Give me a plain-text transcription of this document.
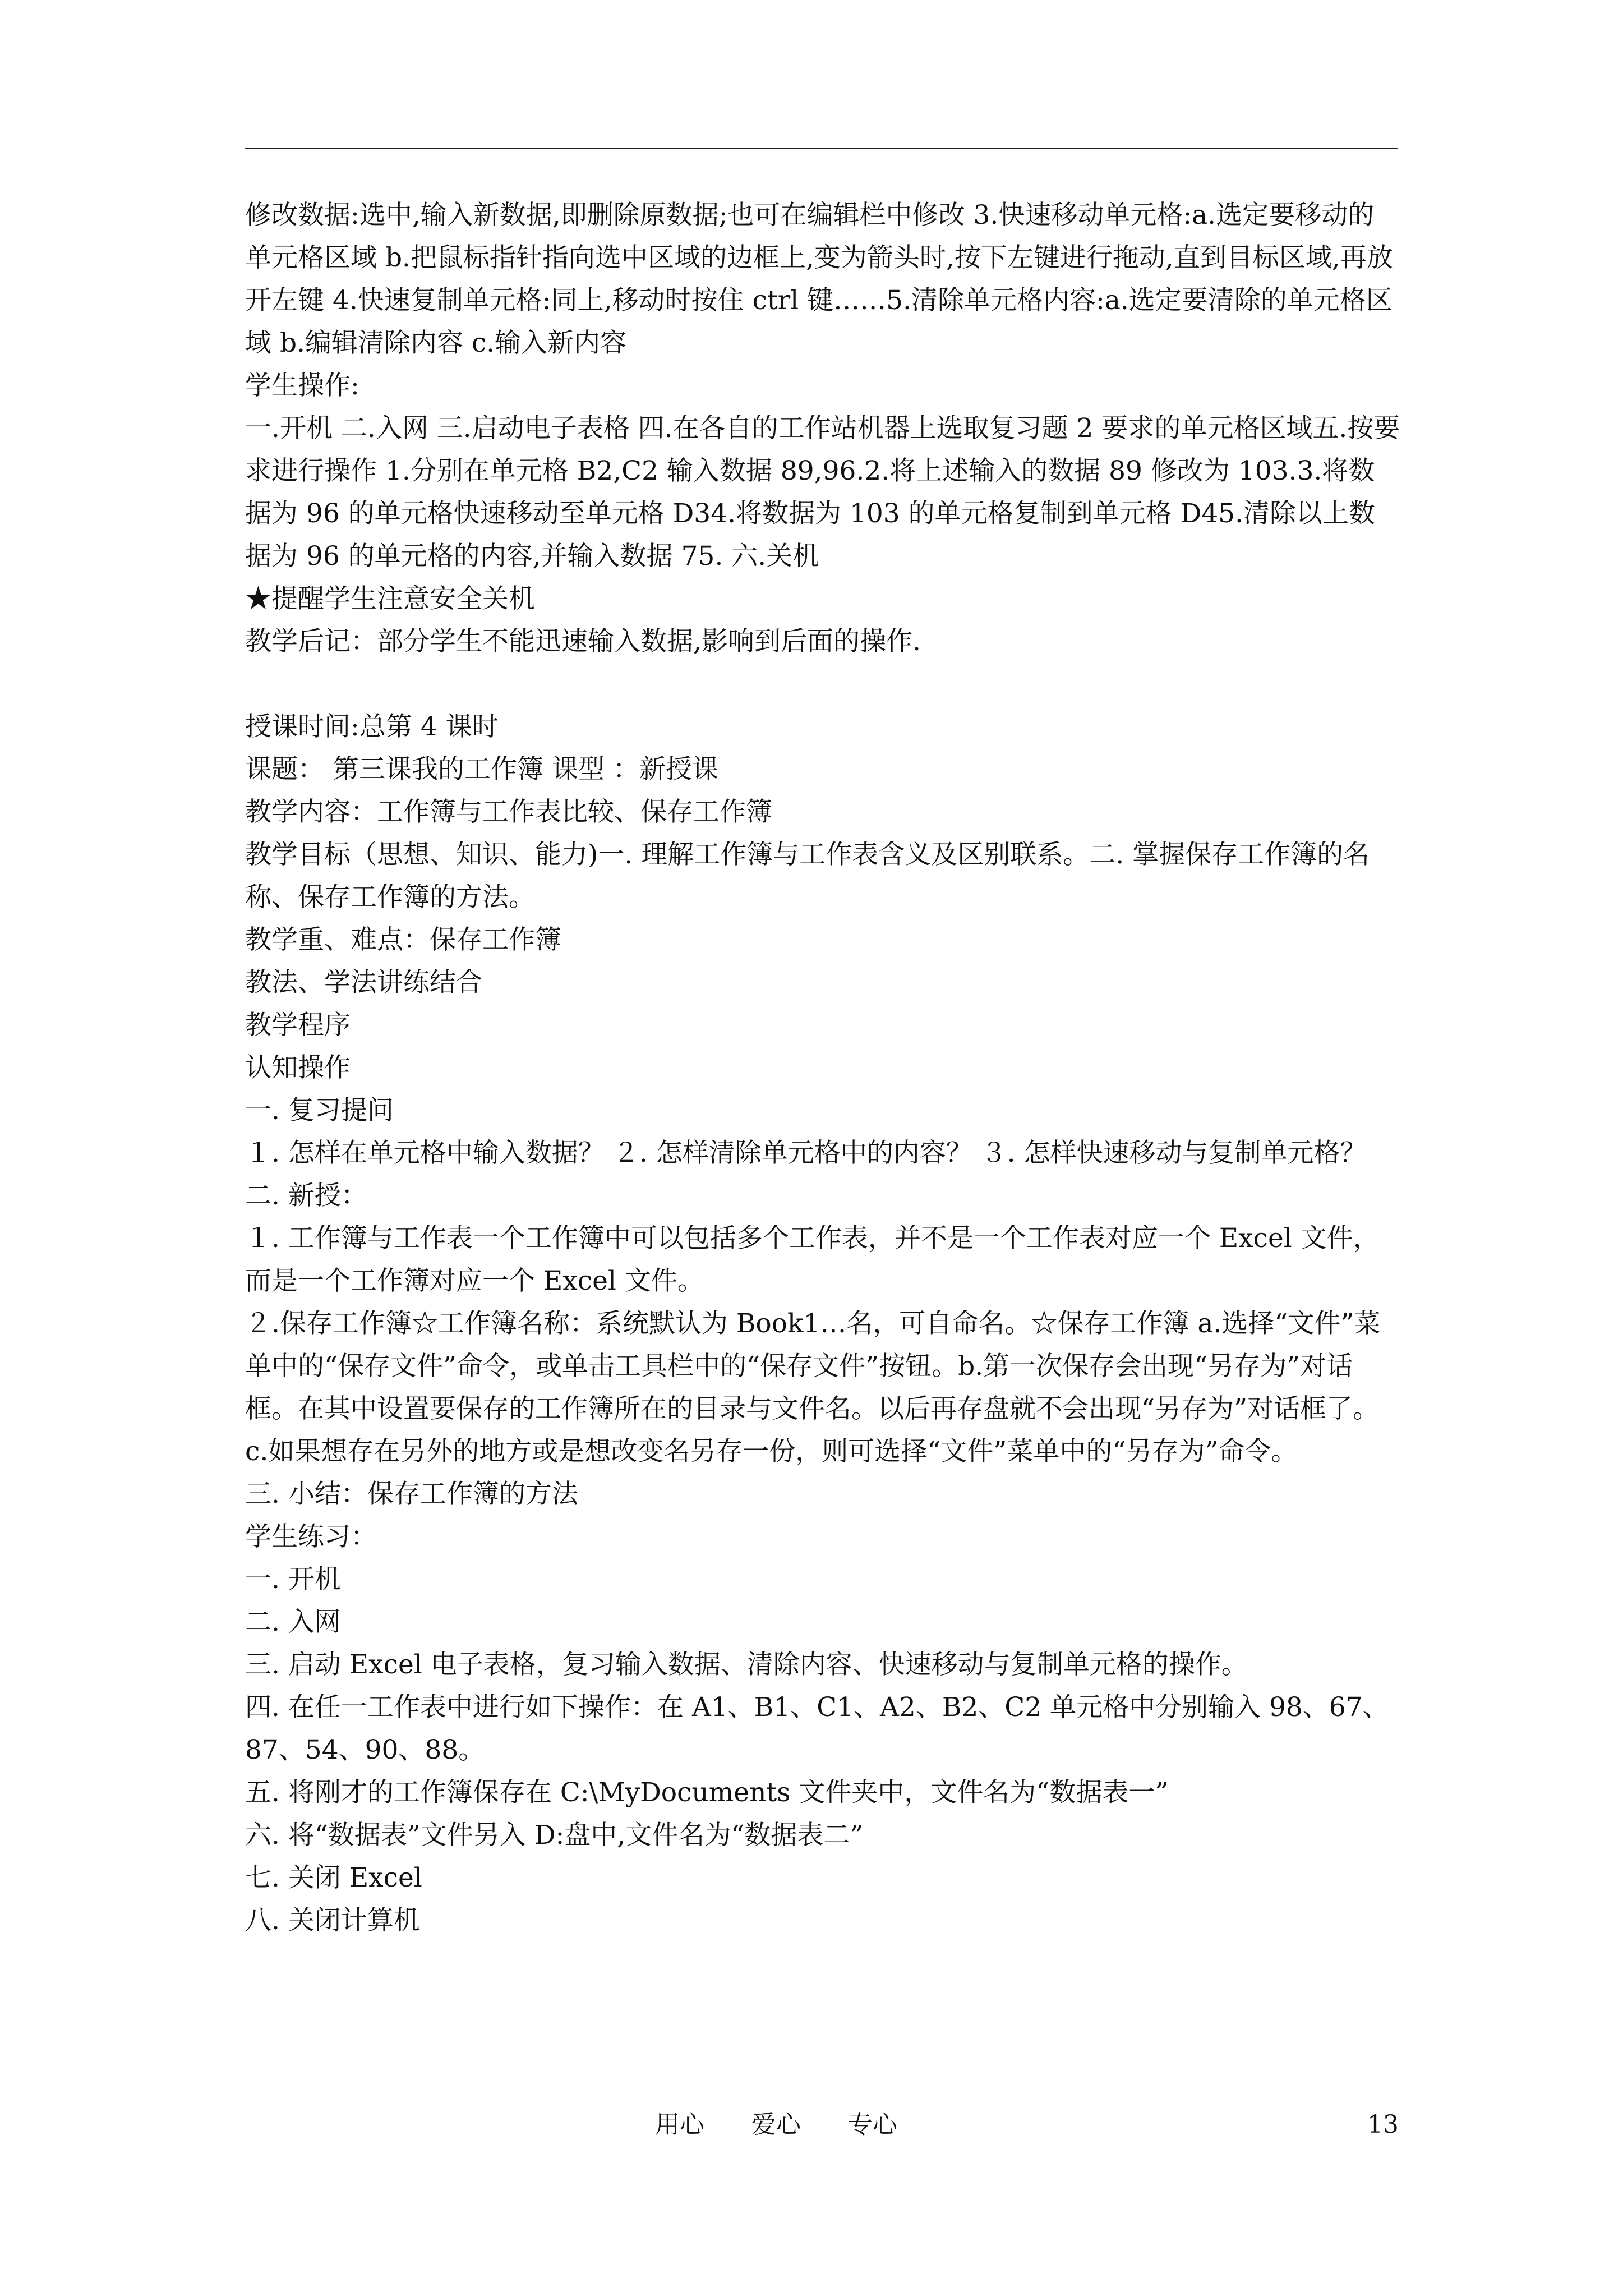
修改数据:选中,输入新数据,即删除原数据;也可在编辑栏中修改 3.快速移动单元格:a.选定要移动的单元格区域 b.把鼠标指针指向选中区域的边框上,变为箭头时,按下左键进行拖动,直到目标区域,再放开左键 4.快速复制单元格:同上,移动时按住 ctrl 键……5.清除单元格内容:a.选定要清除的单元格区域 b.编辑清除内容 c.输入新内容

学生操作:

一.开机 二.入网 三.启动电子表格 四.在各自的工作站机器上选取复习题 2 要求的单元格区域五.按要求进行操作 1.分别在单元格 B2,C2 输入数据 89,96.2.将上述输入的数据 89 修改为 103.3.将数据为 96 的单元格快速移动至单元格 D34.将数据为 103 的单元格复制到单元格 D45.清除以上数据为 96 的单元格的内容,并输入数据 75. 六.关机

★提醒学生注意安全关机

教学后记：部分学生不能迅速输入数据,影响到后面的操作.

授课时间:总第 4 课时

课题： 第三课我的工作簿 课型 ：新授课

教学内容：工作簿与工作表比较、保存工作簿

教学目标（思想、知识、能力)一. 理解工作簿与工作表含义及区别联系。二. 掌握保存工作簿的名称、保存工作簿的方法。

教学重、难点：保存工作簿

教法、学法讲练结合

教学程序

认知操作

一. 复习提问

１. 怎样在单元格中输入数据？ ２. 怎样清除单元格中的内容？ ３. 怎样快速移动与复制单元格？

二. 新授：

１. 工作簿与工作表一个工作簿中可以包括多个工作表，并不是一个工作表对应一个 Excel 文件，而是一个工作簿对应一个 Excel 文件。

２.保存工作簿☆工作簿名称：系统默认为 Book1…名，可自命名。☆保存工作簿 a.选择“文件”菜单中的“保存文件”命令，或单击工具栏中的“保存文件”按钮。b.第一次保存会出现“另存为”对话框。在其中设置要保存的工作簿所在的目录与文件名。以后再存盘就不会出现“另存为”对话框了。c.如果想存在另外的地方或是想改变名另存一份，则可选择“文件”菜单中的“另存为”命令。

三. 小结：保存工作簿的方法

学生练习：

一. 开机

二. 入网

三. 启动 Excel 电子表格，复习输入数据、清除内容、快速移动与复制单元格的操作。

四. 在任一工作表中进行如下操作：在 A1、B1、C1、A2、B2、C2 单元格中分别输入 98、67、87、54、90、88。

五. 将刚才的工作簿保存在 C:\MyDocuments 文件夹中，文件名为“数据表一”

六. 将“数据表”文件另入 D:盘中,文件名为“数据表二”

七. 关闭 Excel

八. 关闭计算机

用心      爱心      专心	13
